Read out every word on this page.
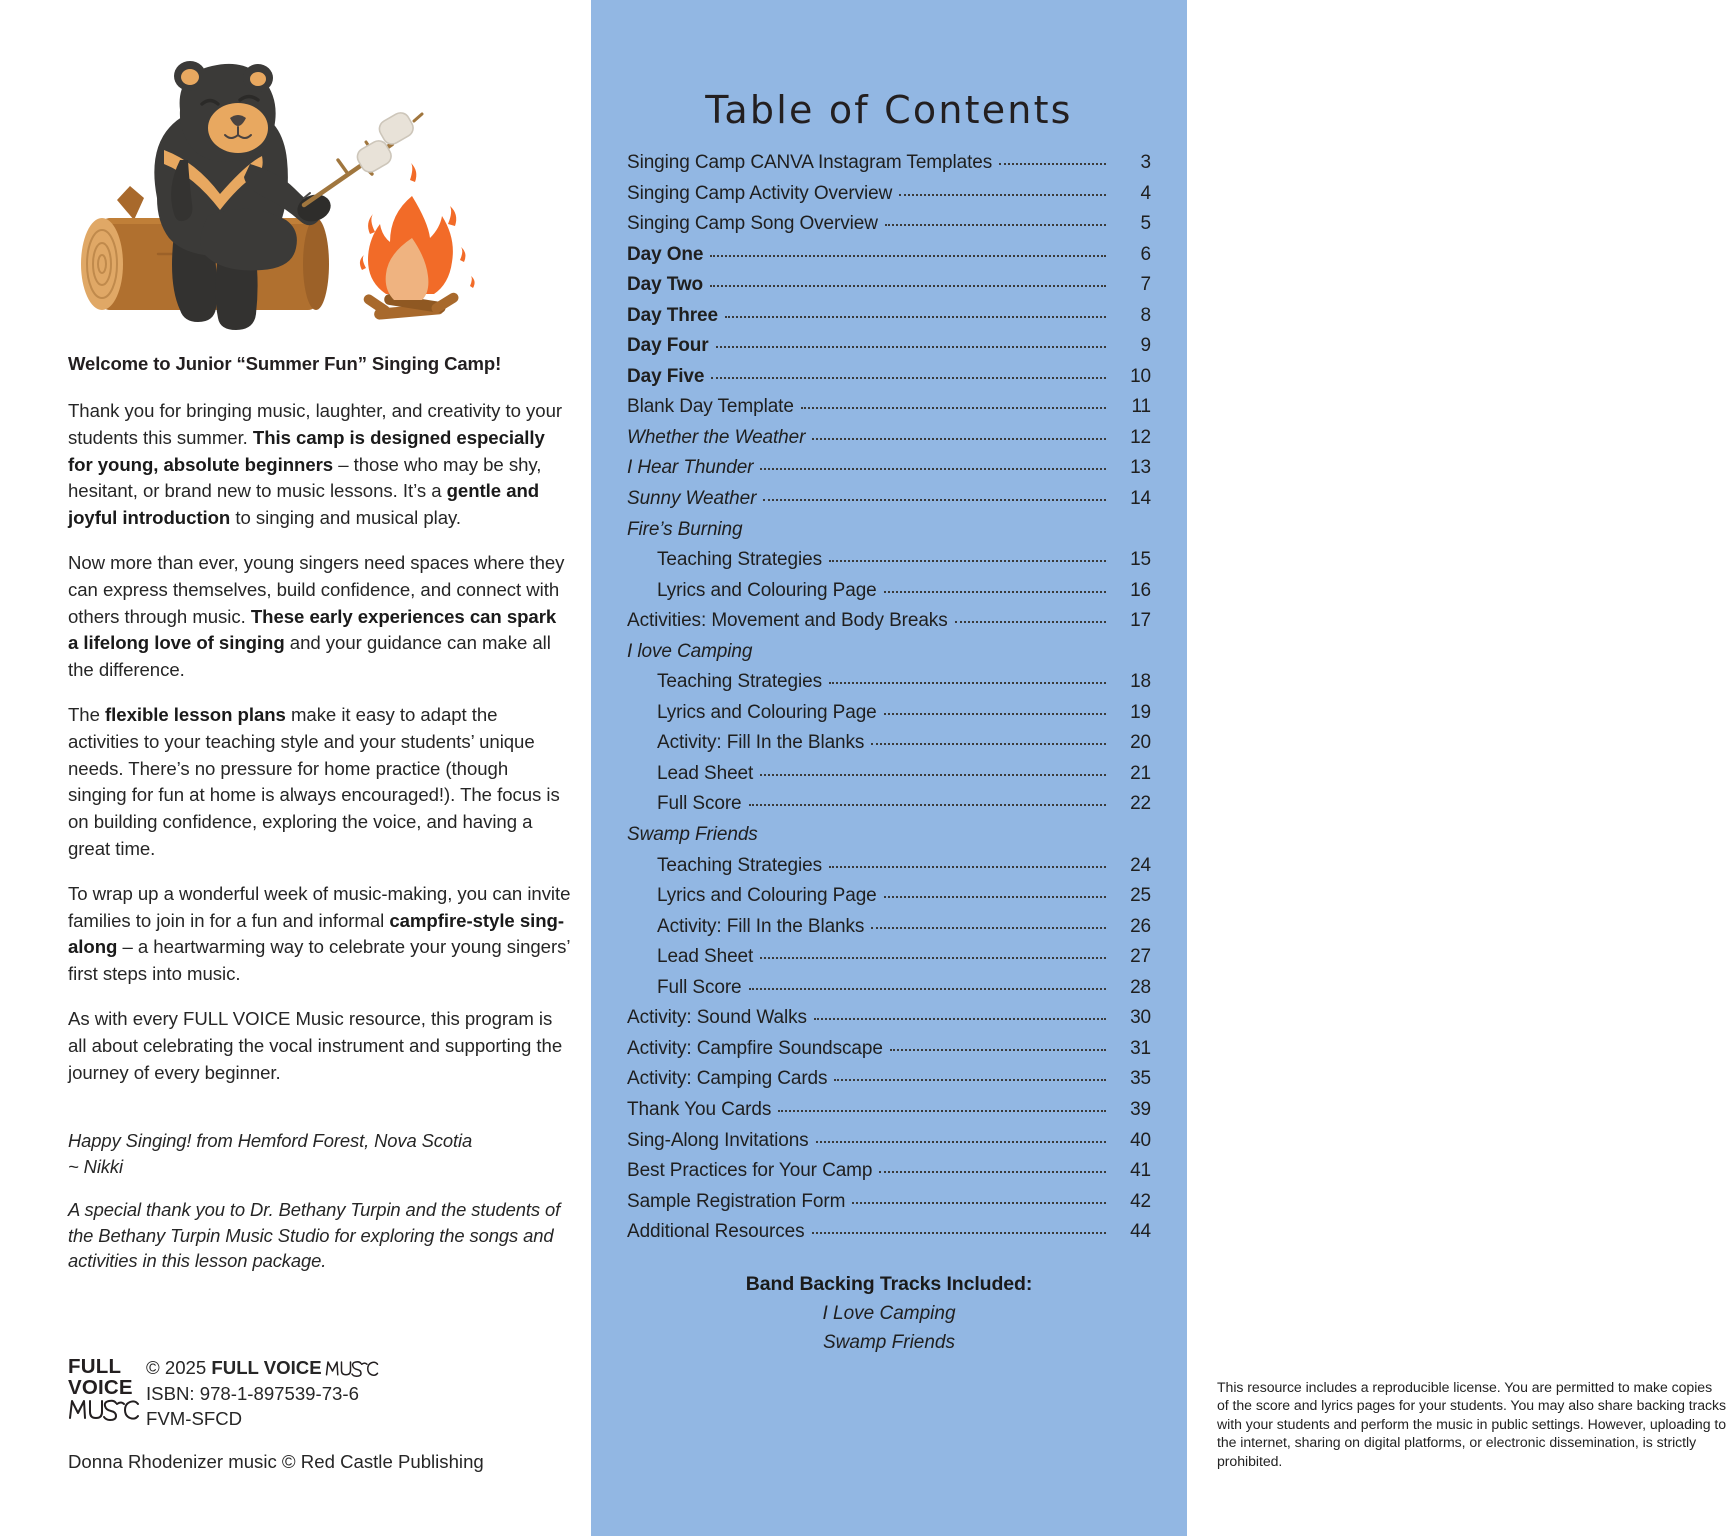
Welcome to Junior “Summer Fun” Singing Camp!

Thank you for bringing music, laughter, and creativity to your students this summer. This camp is designed especially for young, absolute beginners – those who may be shy, hesitant, or brand new to music lessons. It’s a gentle and joyful introduction to singing and musical play.

Now more than ever, young singers need spaces where they can express themselves, build confidence, and connect with others through music. These early experiences can spark a lifelong love of singing and your guidance can make all the difference.

The flexible lesson plans make it easy to adapt the activities to your teaching style and your students’ unique needs. There’s no pressure for home practice (though singing for fun at home is always encouraged!). The focus is on building confidence, exploring the voice, and having a great time.

To wrap up a wonderful week of music-making, you can invite families to join in for a fun and informal campfire-style sing-along – a heartwarming way to celebrate your young singers’ first steps into music.

As with every FULL VOICE Music resource, this program is all about celebrating the vocal instrument and supporting the journey of every beginner.

Happy Singing! from Hemford Forest, Nova Scotia
~ Nikki

A special thank you to Dr. Bethany Turpin and the students of the Bethany Turpin Music Studio for exploring the songs and activities in this lesson package.

FULL
VOICE
© 2025 FULL VOICE
ISBN: 978-1-897539-73-6
FVM-SFCD
Donna Rhodenizer music © Red Castle Publishing
Table of Contents
Singing Camp CANVA Instagram Templates	3
Singing Camp Activity Overview	4
Singing Camp Song Overview	5
Day One	6
Day Two	7
Day Three	8
Day Four	9
Day Five	10
Blank Day Template	11
Whether the Weather	12
I Hear Thunder	13
Sunny Weather	14
Fire’s Burning
Teaching Strategies	15
Lyrics and Colouring Page	16
Activities: Movement and Body Breaks	17
I love Camping
Teaching Strategies	18
Lyrics and Colouring Page	19
Activity: Fill In the Blanks	20
Lead Sheet	21
Full Score	22
Swamp Friends
Teaching Strategies	24
Lyrics and Colouring Page	25
Activity: Fill In the Blanks	26
Lead Sheet	27
Full Score	28
Activity: Sound Walks	30
Activity: Campfire Soundscape	31
Activity: Camping Cards	35
Thank You Cards	39
Sing-Along Invitations	40
Best Practices for Your Camp	41
Sample Registration Form	42
Additional Resources	44
Band Backing Tracks Included:
I Love Camping
Swamp Friends

This resource includes a reproducible license. You are permitted to make copies of the score and lyrics pages for your students. You may also share backing tracks with your students and perform the music in public settings. However, uploading to the internet, sharing on digital platforms, or electronic dissemination, is strictly prohibited.
